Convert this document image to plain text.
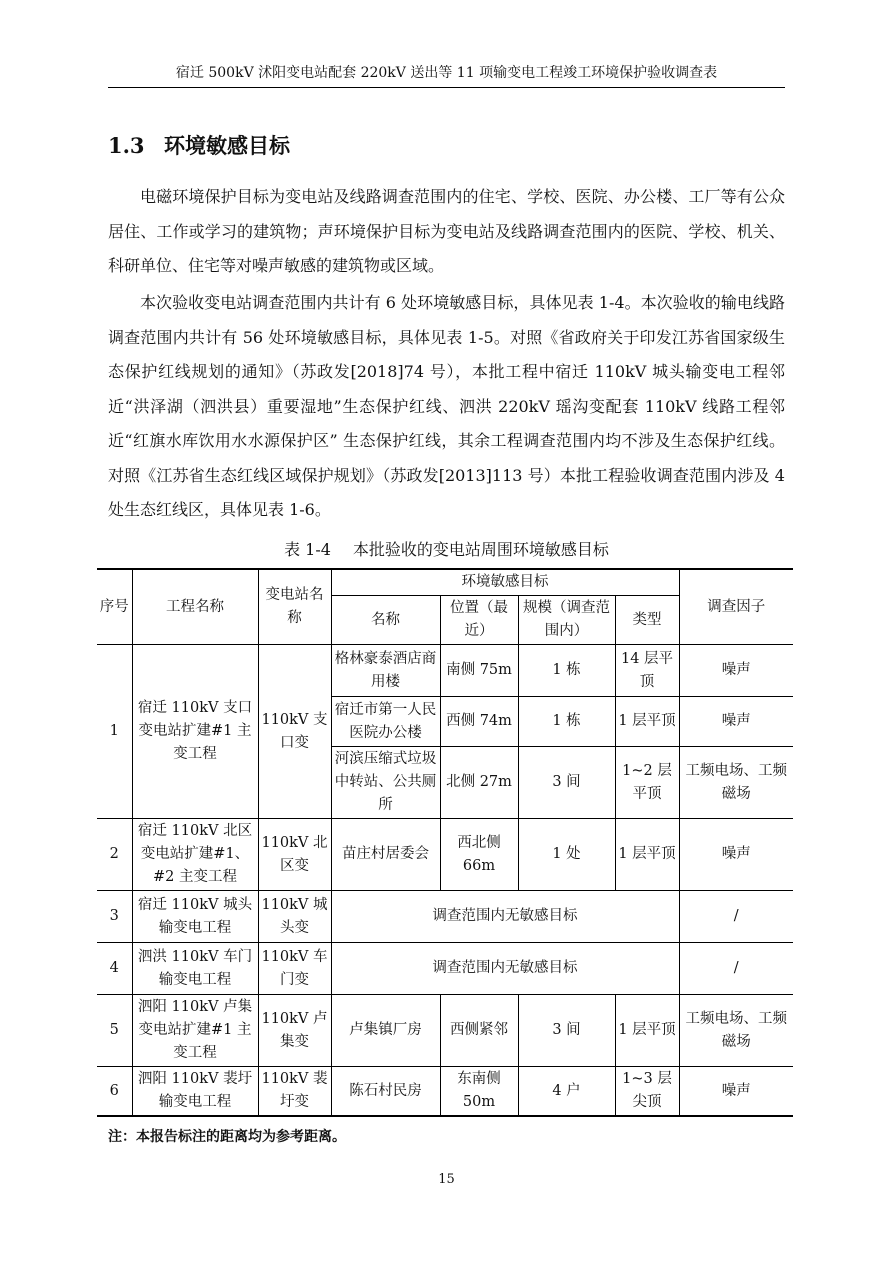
宿迁 500kV 沭阳变电站配套 220kV 送出等 11 项输变电工程竣工环境保护验收调查表
1.3 环境敏感目标

电磁环境保护目标为变电站及线路调查范围内的住宅、学校、医院、办公楼、工厂等有公众居住、工作或学习的建筑物；声环境保护目标为变电站及线路调查范围内的医院、学校、机关、科研单位、住宅等对噪声敏感的建筑物或区域。

本次验收变电站调查范围内共计有 6 处环境敏感目标，具体见表 1-4。本次验收的输电线路调查范围内共计有 56 处环境敏感目标，具体见表 1-5。对照《省政府关于印发江苏省国家级生态保护红线规划的通知》（苏政发[2018]74 号），本批工程中宿迁 110kV 城头输变电工程邻近“洪泽湖（泗洪县）重要湿地”生态保护红线、泗洪 220kV 瑶沟变配套 110kV 线路工程邻近“红旗水库饮用水水源保护区” 生态保护红线，其余工程调查范围内均不涉及生态保护红线。对照《江苏省生态红线区域保护规划》（苏政发[2013]113 号）本批工程验收调查范围内涉及 4 处生态红线区，具体见表 1-6。

表 1-4 本批验收的变电站周围环境敏感目标
序号	工程名称	变电站名称	环境敏感目标				调查因子
			名称	位置（最近）	规模（调查范围内）	类型	
1	宿迁 110kV 支口变电站扩建#1 主变工程	110kV 支口变	格林豪泰酒店商用楼	南侧 75m	1 栋	14 层平顶	噪声
			宿迁市第一人民医院办公楼	西侧 74m	1 栋	1 层平顶	噪声
			河滨压缩式垃圾中转站、公共厕所	北侧 27m	3 间	1~2 层平顶	工频电场、工频磁场
2	宿迁 110kV 北区变电站扩建#1、#2 主变工程	110kV 北区变	苗庄村居委会	西北侧 66m	1 处	1 层平顶	噪声
3	宿迁 110kV 城头输变电工程	110kV 城头变	调查范围内无敏感目标				/
4	泗洪 110kV 车门输变电工程	110kV 车门变	调查范围内无敏感目标				/
5	泗阳 110kV 卢集变电站扩建#1 主变工程	110kV 卢集变	卢集镇厂房	西侧紧邻	3 间	1 层平顶	工频电场、工频磁场
6	泗阳 110kV 裴圩输变电工程	110kV 裴圩变	陈石村民房	东南侧 50m	4 户	1~3 层尖顶	噪声
注：本报告标注的距离均为参考距离。
15
